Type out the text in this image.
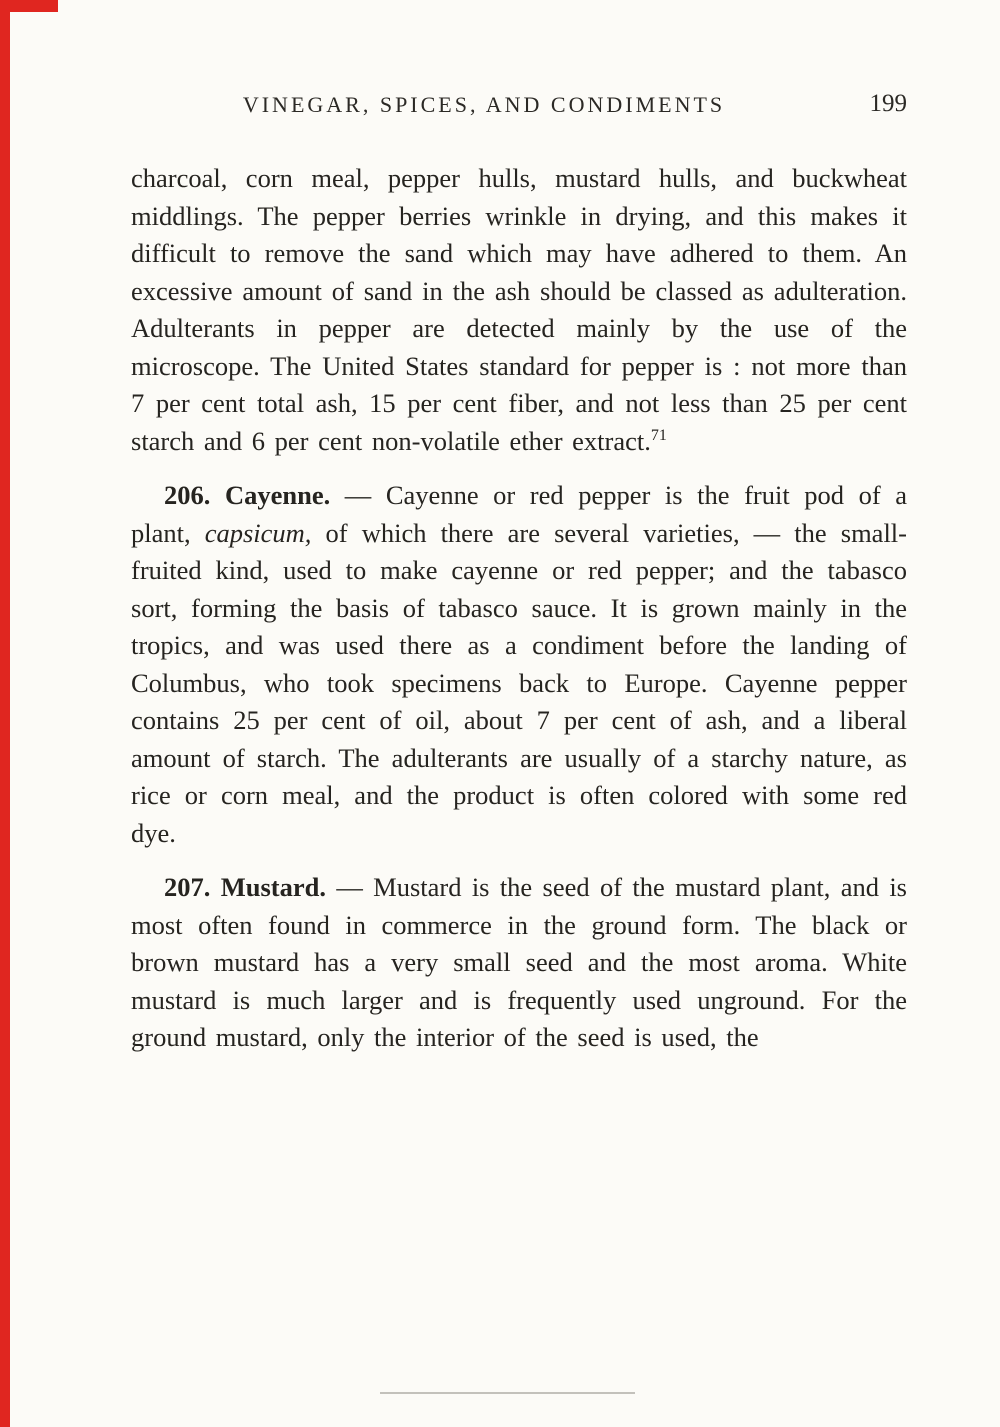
VINEGAR, SPICES, AND CONDIMENTS	199

charcoal, corn meal, pepper hulls, mustard hulls, and buckwheat middlings. The pepper berries wrinkle in drying, and this makes it difficult to remove the sand which may have adhered to them. An excessive amount of sand in the ash should be classed as adulteration. Adulterants in pepper are detected mainly by the use of the microscope. The United States standard for pepper is : not more than 7 per cent total ash, 15 per cent fiber, and not less than 25 per cent starch and 6 per cent non-volatile ether extract.$^{71}$

206. Cayenne. — Cayenne or red pepper is the fruit pod of a plant, capsicum, of which there are several varieties, — the small-fruited kind, used to make cayenne or red pepper; and the tabasco sort, forming the basis of tabasco sauce. It is grown mainly in the tropics, and was used there as a condiment before the landing of Columbus, who took specimens back to Europe. Cayenne pepper contains 25 per cent of oil, about 7 per cent of ash, and a liberal amount of starch. The adulterants are usually of a starchy nature, as rice or corn meal, and the product is often colored with some red dye.

207. Mustard. — Mustard is the seed of the mustard plant, and is most often found in commerce in the ground form. The black or brown mustard has a very small seed and the most aroma. White mustard is much larger and is frequently used unground. For the ground mustard, only the interior of the seed is used, the
